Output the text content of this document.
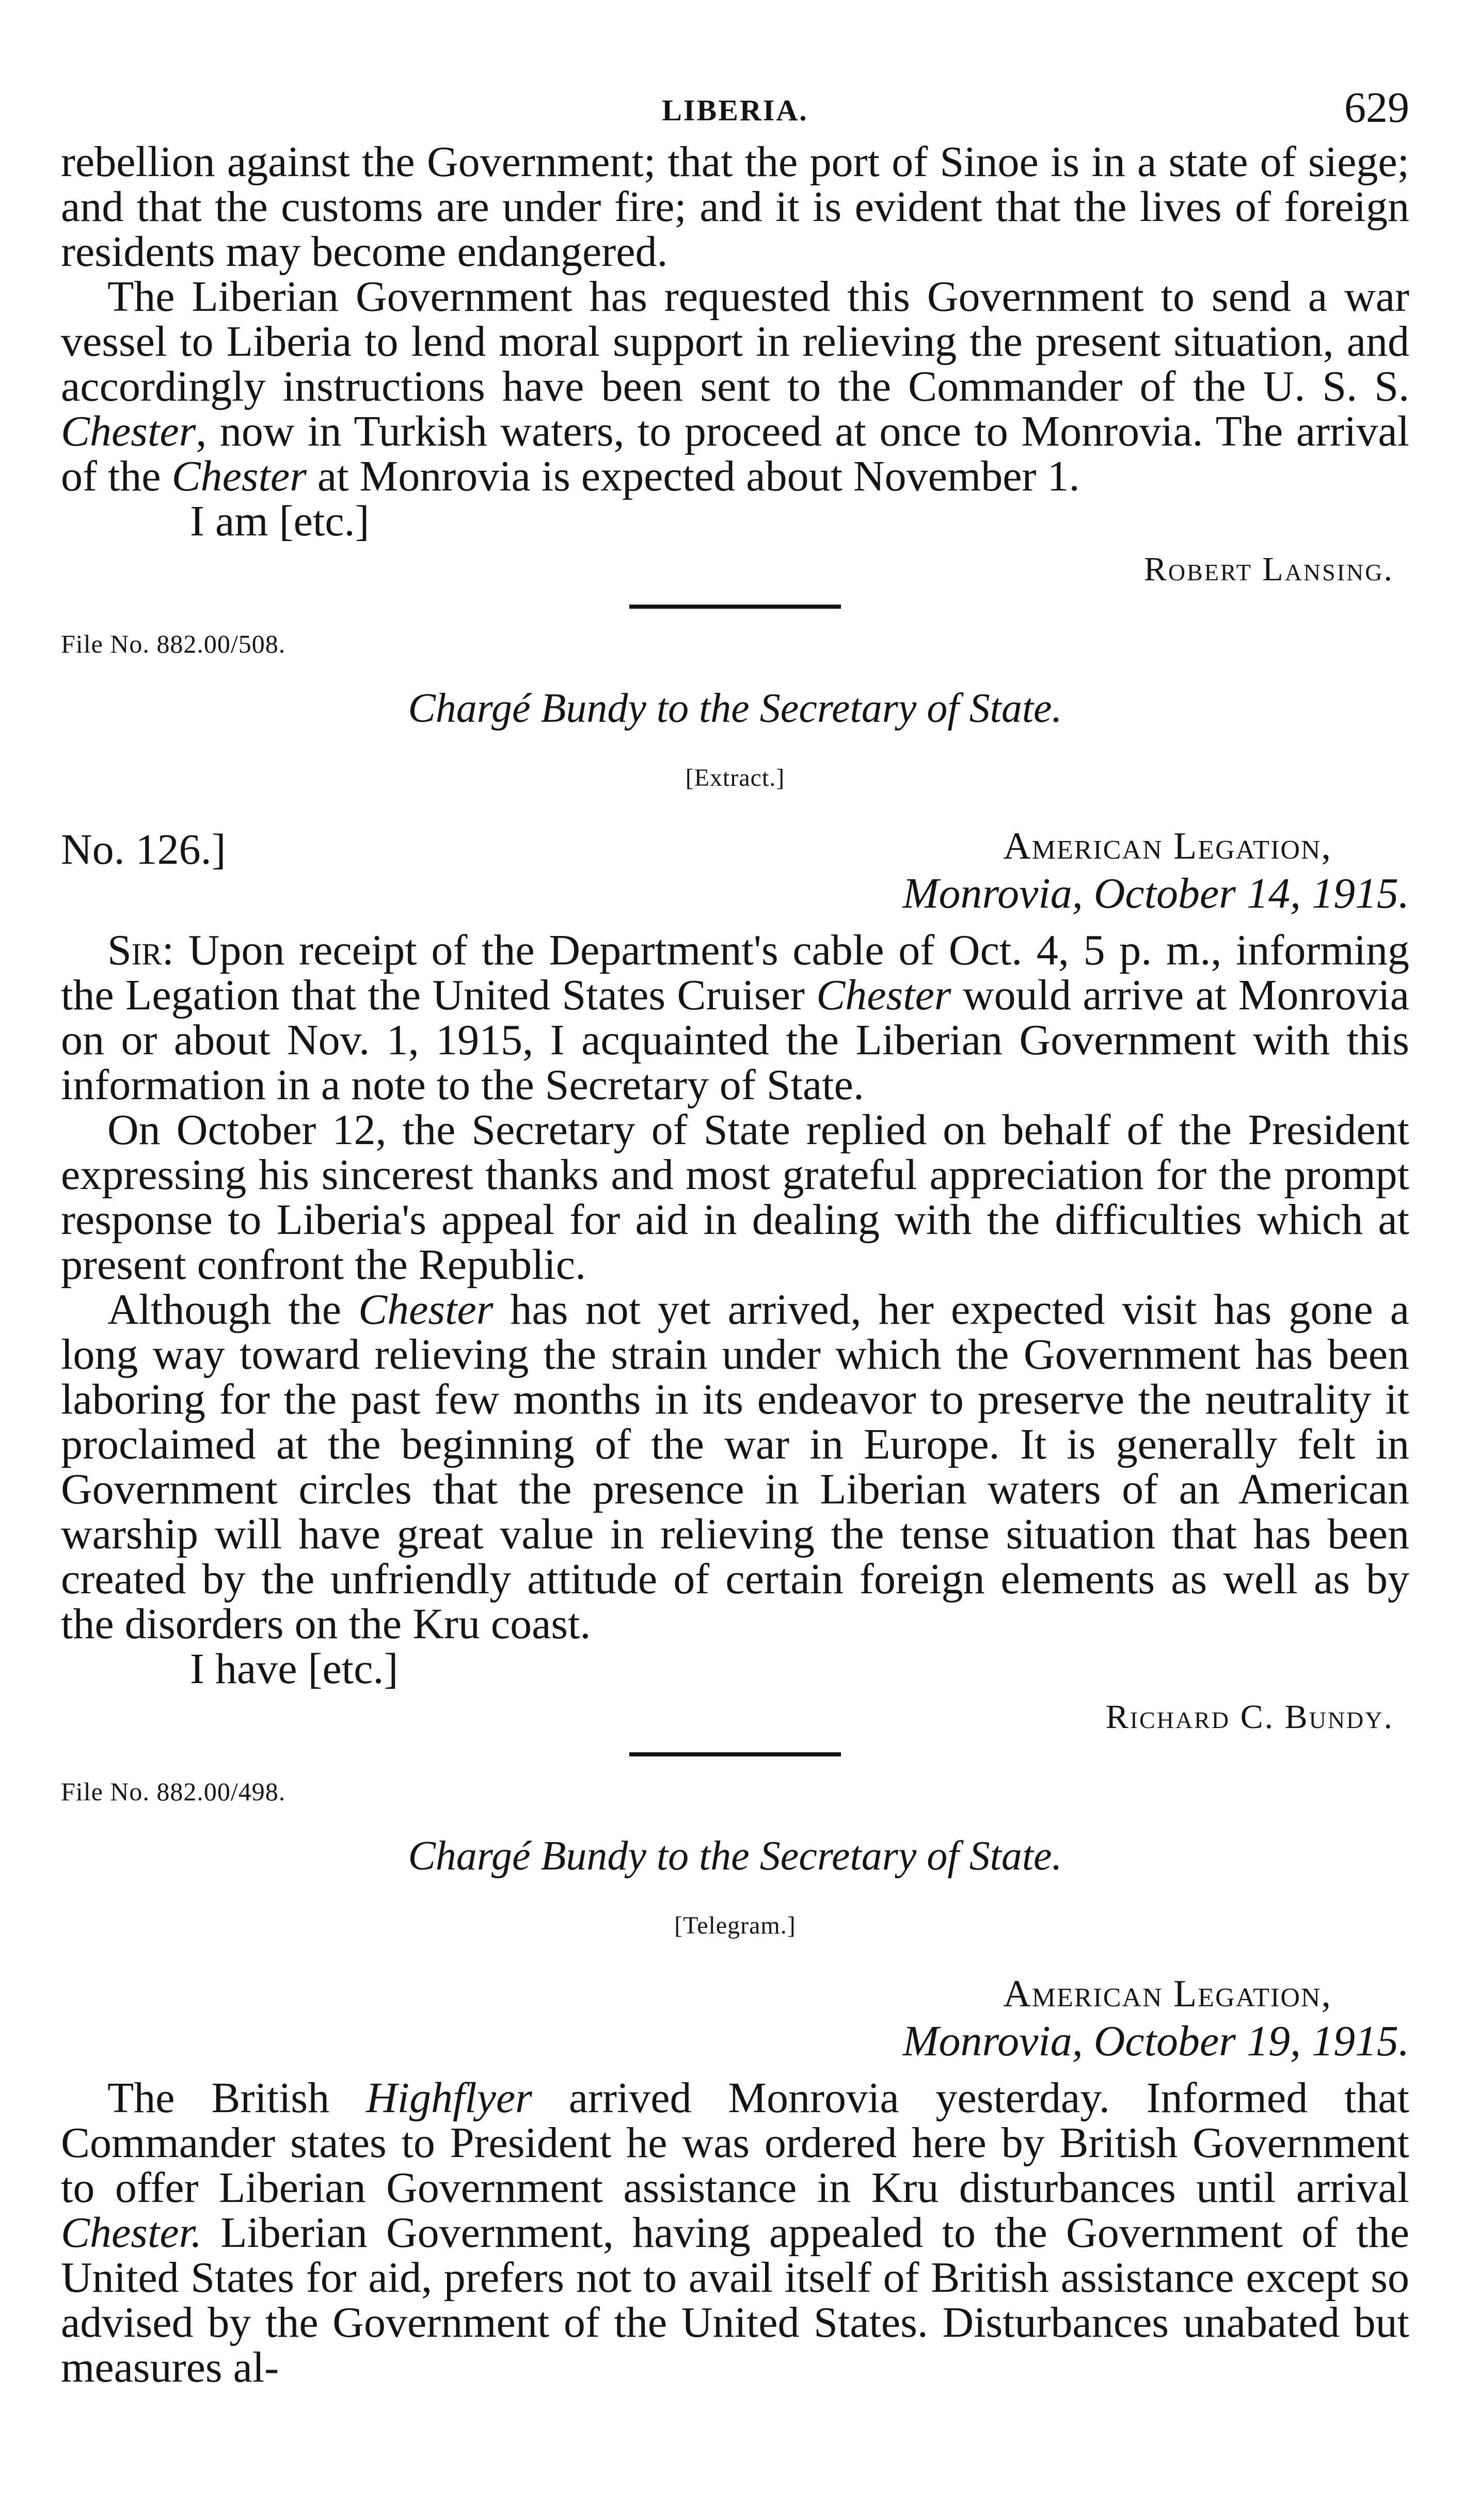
LIBERIA.	629

rebellion against the Government; that the port of Sinoe is in a state of siege; and that the customs are under fire; and it is evident that the lives of foreign residents may become endangered.

The Liberian Government has requested this Government to send a war vessel to Liberia to lend moral support in relieving the present situation, and accordingly instructions have been sent to the Commander of the U. S. S. Chester, now in Turkish waters, to proceed at once to Monrovia. The arrival of the Chester at Monrovia is expected about November 1.

I am [etc.]

Robert Lansing.
File No. 882.00/508.
Chargé Bundy to the Secretary of State.
[Extract.]
No. 126.]	American Legation,
Monrovia, October 14, 1915.

Sir: Upon receipt of the Department's cable of Oct. 4, 5 p. m., informing the Legation that the United States Cruiser Chester would arrive at Monrovia on or about Nov. 1, 1915, I acquainted the Liberian Government with this information in a note to the Secretary of State.

On October 12, the Secretary of State replied on behalf of the President expressing his sincerest thanks and most grateful appreciation for the prompt response to Liberia's appeal for aid in dealing with the difficulties which at present confront the Republic.

Although the Chester has not yet arrived, her expected visit has gone a long way toward relieving the strain under which the Government has been laboring for the past few months in its endeavor to preserve the neutrality it proclaimed at the beginning of the war in Europe. It is generally felt in Government circles that the presence in Liberian waters of an American warship will have great value in relieving the tense situation that has been created by the unfriendly attitude of certain foreign elements as well as by the disorders on the Kru coast.

I have [etc.]

Richard C. Bundy.
File No. 882.00/498.
Chargé Bundy to the Secretary of State.
[Telegram.]
American Legation,
Monrovia, October 19, 1915.

The British Highflyer arrived Monrovia yesterday. Informed that Commander states to President he was ordered here by British Government to offer Liberian Government assistance in Kru disturbances until arrival Chester. Liberian Government, having appealed to the Government of the United States for aid, prefers not to avail itself of British assistance except so advised by the Government of the United States. Disturbances unabated but measures al-
